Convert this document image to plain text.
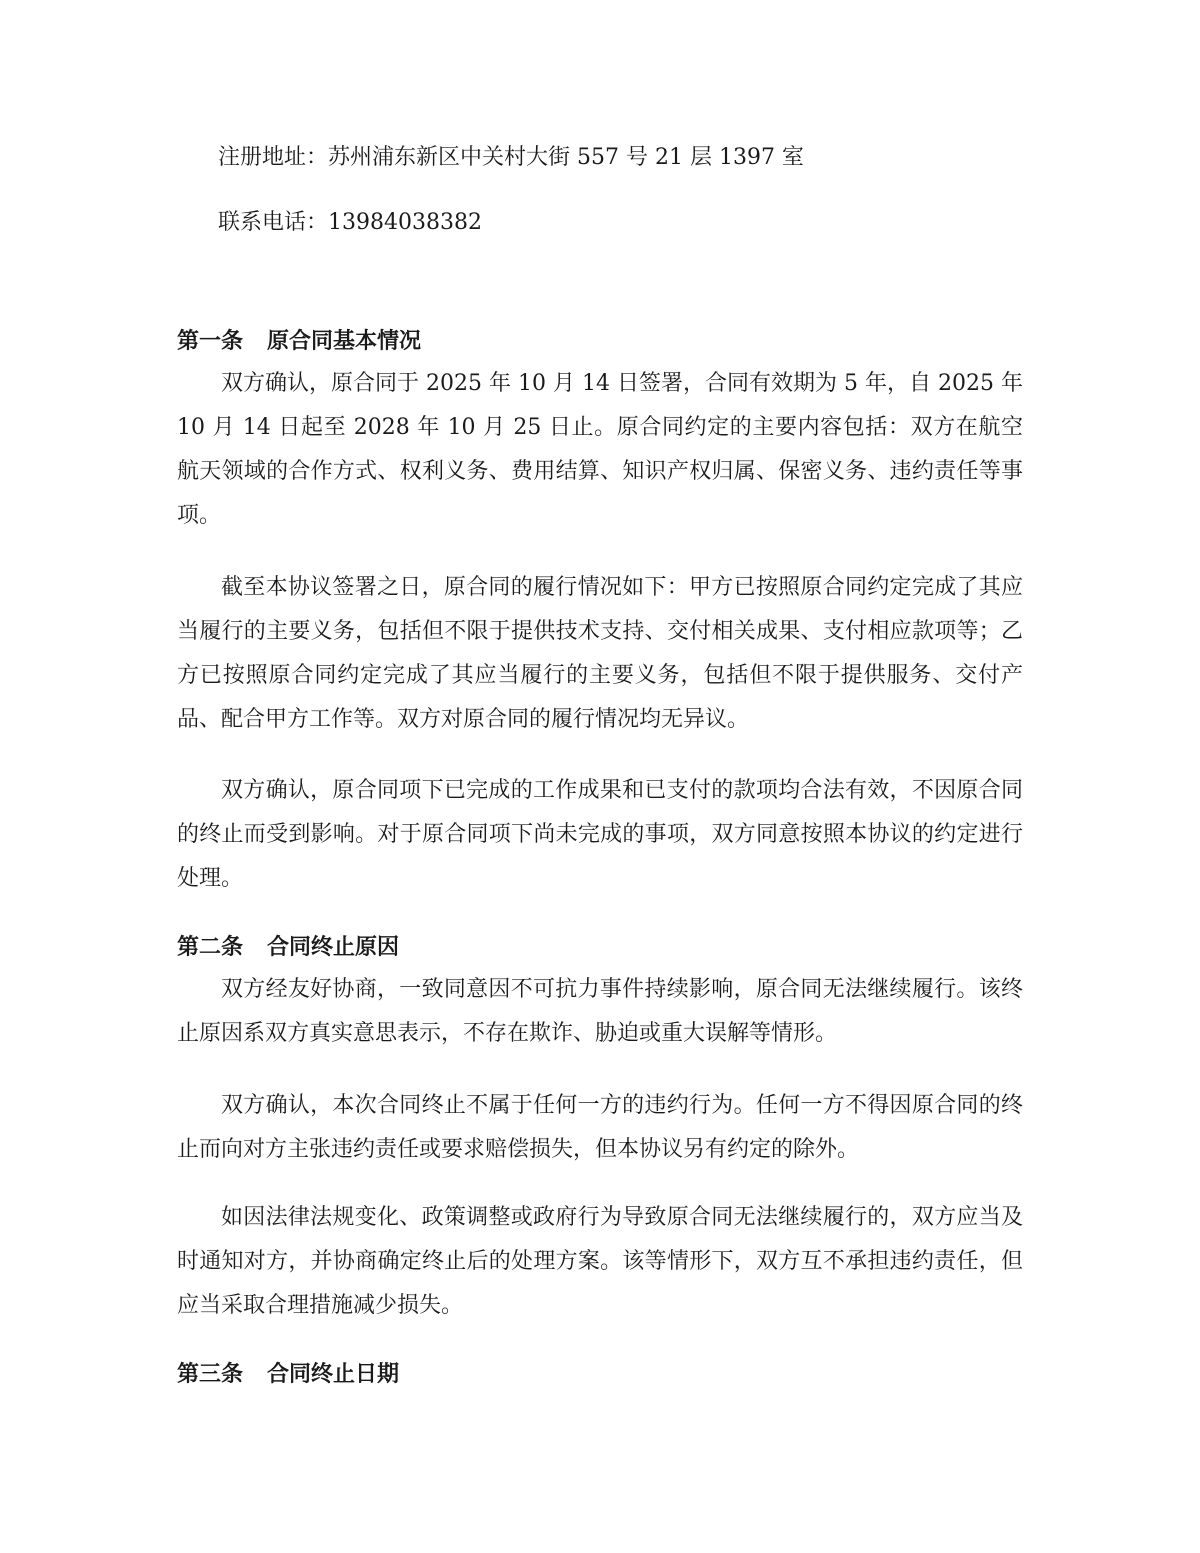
注册地址：苏州浦东新区中关村大街 557 号 21 层 1397 室
联系电话：13984038382
第一条 原合同基本情况
双方确认，原合同于 2025 年 10 月 14 日签署，合同有效期为 5 年，自 2025 年 10 月 14 日起至 2028 年 10 月 25 日止。原合同约定的主要内容包括：双方在航空航天领域的合作方式、权利义务、费用结算、知识产权归属、保密义务、违约责任等事项。
截至本协议签署之日，原合同的履行情况如下：甲方已按照原合同约定完成了其应当履行的主要义务，包括但不限于提供技术支持、交付相关成果、支付相应款项等；乙方已按照原合同约定完成了其应当履行的主要义务，包括但不限于提供服务、交付产品、配合甲方工作等。双方对原合同的履行情况均无异议。
双方确认，原合同项下已完成的工作成果和已支付的款项均合法有效，不因原合同的终止而受到影响。对于原合同项下尚未完成的事项，双方同意按照本协议的约定进行处理。
第二条 合同终止原因
双方经友好协商，一致同意因不可抗力事件持续影响，原合同无法继续履行。该终止原因系双方真实意思表示，不存在欺诈、胁迫或重大误解等情形。
双方确认，本次合同终止不属于任何一方的违约行为。任何一方不得因原合同的终止而向对方主张违约责任或要求赔偿损失，但本协议另有约定的除外。
如因法律法规变化、政策调整或政府行为导致原合同无法继续履行的，双方应当及时通知对方，并协商确定终止后的处理方案。该等情形下，双方互不承担违约责任，但应当采取合理措施减少损失。
第三条 合同终止日期
